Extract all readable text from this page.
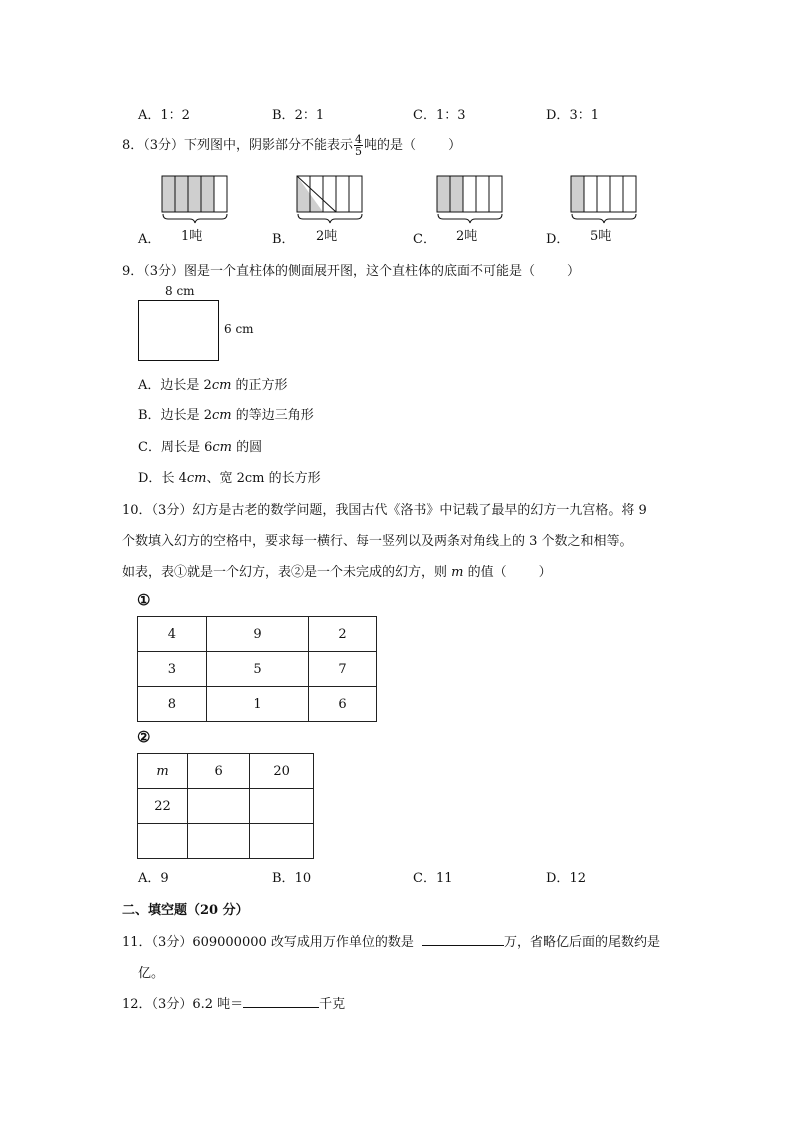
A．1：2	B．2：1	C．1：3	D．3：1
8．（3分）下列图中，阴影部分不能表示 $\frac{4}{5}$ 吨的是（ ）
A． 1吨	B． 2吨	C． 2吨	D． 5吨
9．（3分）图是一个直柱体的侧面展开图，这个直柱体的底面不可能是（ ）
8 cm
6 cm
A．边长是 2cm 的正方形
B．边长是 2cm 的等边三角形
C．周长是 6cm 的圆
D．长 4cm、宽 2cm 的长方形
10．（3分）幻方是古老的数学问题，我国古代《洛书》中记载了最早的幻方一九宫格。将 9
个数填入幻方的空格中，要求每一横行、每一竖列以及两条对角线上的 3 个数之和相等。
如表，表①就是一个幻方，表②是一个未完成的幻方，则 m 的值（ ）
①
4	9	2
3	5	7
8	1	6
②
m	6	20
22		

A．9	B．10	C．11	D．12
二、填空题（20 分）
11．（3分）609000000 改写成用万作单位的数是	万，省略亿后面的尾数约是
亿。
12．（3分）6.2 吨＝	千克
